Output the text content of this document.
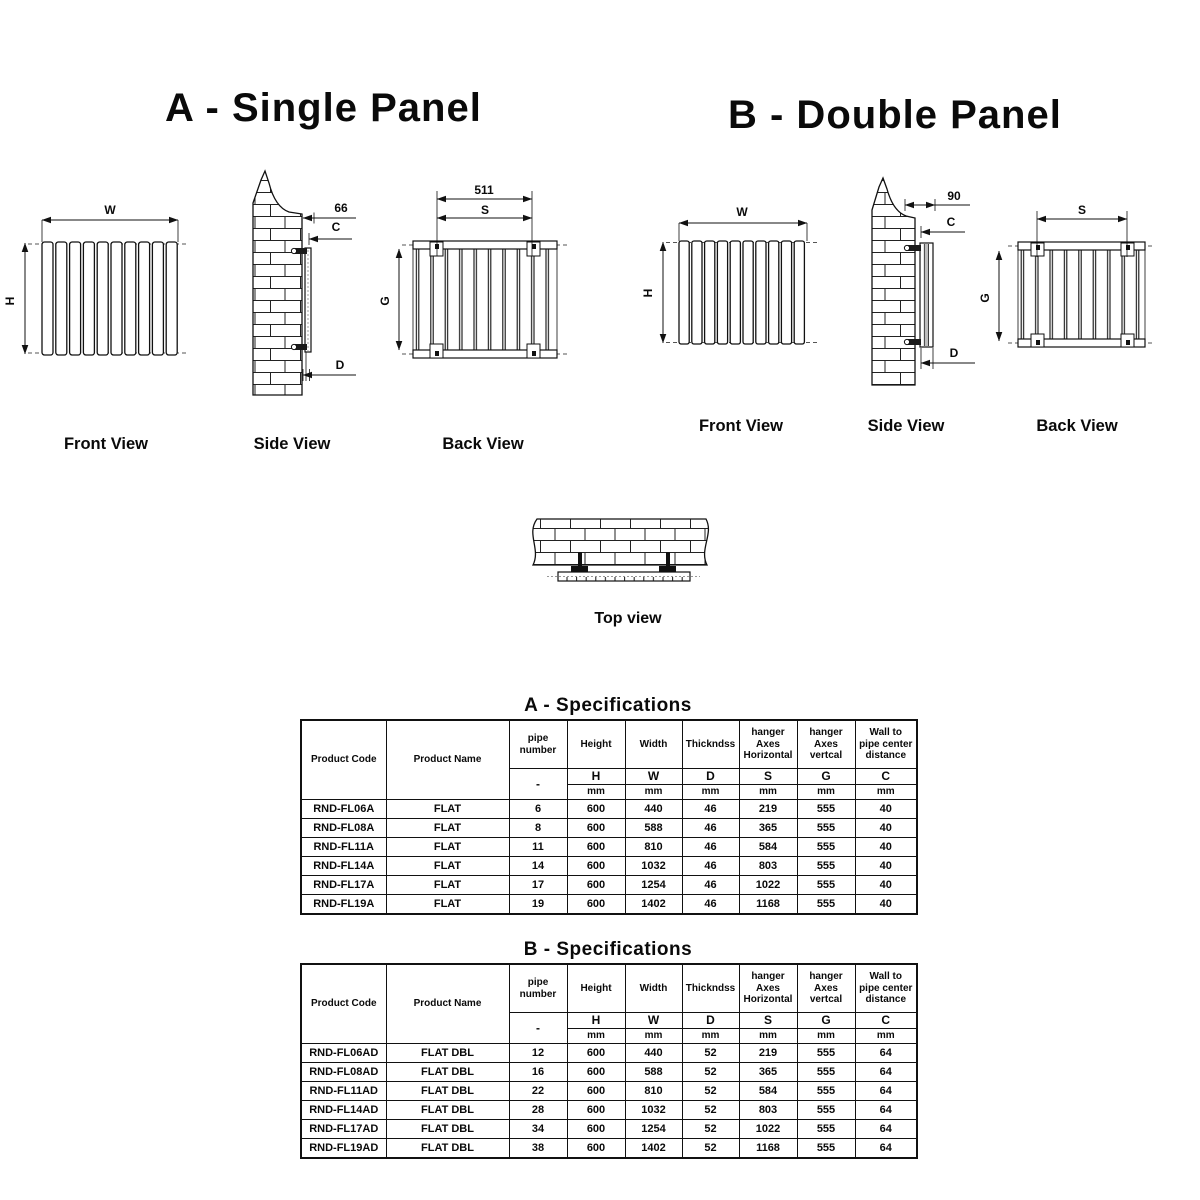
A - Single Panel	B - Double Panel
W
H
66
C
D
511
S
G
W
H
90
C
D
S
G
Front View	Side View	Back View
Front View	Side View	Back View
Top view
A - Specifications
Product Code	Product Name	pipe
number	Height	Width	Thickndss	hanger
Axes
Horizontal	hanger
Axes
vertcal	Wall to
pipe center
distance
		-	H	W	D	S	G	C
			mm	mm	mm	mm	mm	mm
RND-FL06A	FLAT	6	600	440	46	219	555	40
RND-FL08A	FLAT	8	600	588	46	365	555	40
RND-FL11A	FLAT	11	600	810	46	584	555	40
RND-FL14A	FLAT	14	600	1032	46	803	555	40
RND-FL17A	FLAT	17	600	1254	46	1022	555	40
RND-FL19A	FLAT	19	600	1402	46	1168	555	40
B - Specifications
Product Code	Product Name	pipe
number	Height	Width	Thickndss	hanger
Axes
Horizontal	hanger
Axes
vertcal	Wall to
pipe center
distance
		-	H	W	D	S	G	C
			mm	mm	mm	mm	mm	mm
RND-FL06AD	FLAT DBL	12	600	440	52	219	555	64
RND-FL08AD	FLAT DBL	16	600	588	52	365	555	64
RND-FL11AD	FLAT DBL	22	600	810	52	584	555	64
RND-FL14AD	FLAT DBL	28	600	1032	52	803	555	64
RND-FL17AD	FLAT DBL	34	600	1254	52	1022	555	64
RND-FL19AD	FLAT DBL	38	600	1402	52	1168	555	64
